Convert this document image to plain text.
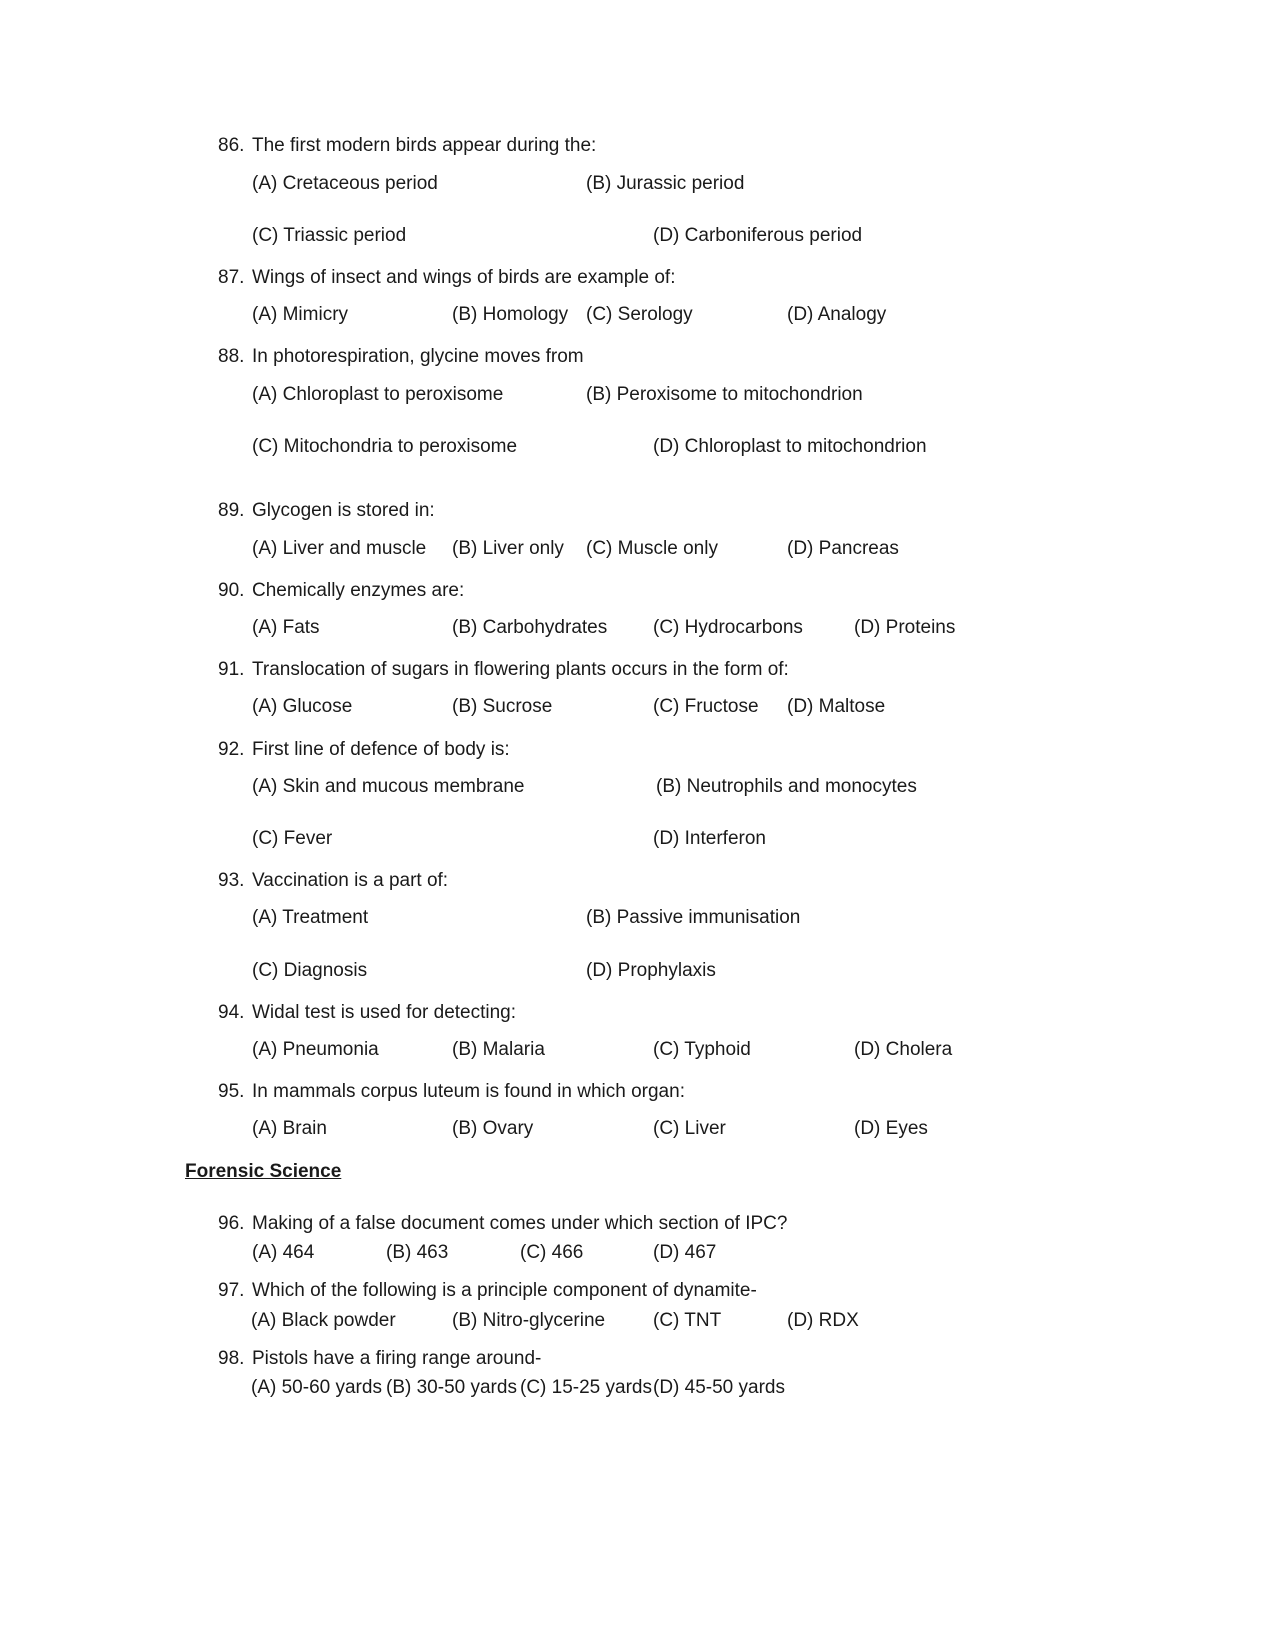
86. The first modern birds appear during the:
(A) Cretaceous period	(B) Jurassic period
(C) Triassic period	(D) Carboniferous period
87. Wings of insect and wings of birds are example of:
(A) Mimicry	(B) Homology (C) Serology	(D) Analogy
88. In photorespiration, glycine moves from
(A) Chloroplast to peroxisome	(B) Peroxisome to mitochondrion
(C) Mitochondria to peroxisome	(D) Chloroplast to mitochondrion
89. Glycogen is stored in:
(A) Liver and muscle (B) Liver only (C) Muscle only	(D) Pancreas
90. Chemically enzymes are:
(A) Fats	(B) Carbohydrates (C) Hydrocarbons	(D) Proteins
91. Translocation of sugars in flowering plants occurs in the form of:
(A) Glucose	(B) Sucrose	(C) Fructose (D) Maltose
92. First line of defence of body is:
(A) Skin and mucous membrane	(B) Neutrophils and monocytes
(C) Fever	(D) Interferon
93. Vaccination is a part of:
(A) Treatment	(B) Passive immunisation
(C) Diagnosis	(D) Prophylaxis
94. Widal test is used for detecting:
(A) Pneumonia	(B) Malaria	(C) Typhoid	(D) Cholera
95. In mammals corpus luteum is found in which organ:
(A) Brain	(B) Ovary	(C) Liver	(D) Eyes
Forensic Science
96. Making of a false document comes under which section of IPC?
(A) 464	(B) 463	(C) 466	(D) 467
97. Which of the following is a principle component of dynamite-
(A) Black powder	(B) Nitro-glycerine	(C) TNT	(D) RDX
98. Pistols have a firing range around-
(A) 50-60 yards (B) 30-50 yards (C) 15-25 yards (D) 45-50 yards
